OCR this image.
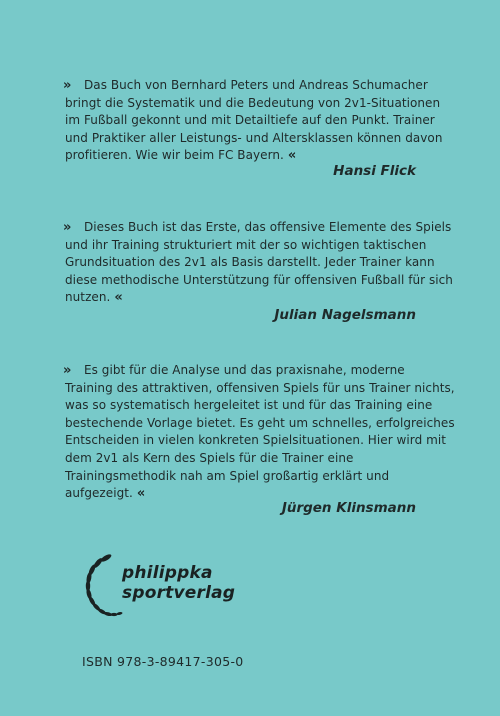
» Das Buch von Bernhard Peters und Andreas Schumacher bringt die Systematik und die Bedeutung von 2v1-Situationen im Fußball gekonnt und mit Detailtiefe auf den Punkt. Trainer und Praktiker aller Leistungs- und Altersklassen können davon profitieren. Wie wir beim FC Bayern. «

Hansi Flick

» Dieses Buch ist das Erste, das offensive Elemente des Spiels und ihr Training strukturiert mit der so wichtigen taktischen Grundsituation des 2v1 als Basis darstellt. Jeder Trainer kann diese methodische Unterstützung für offensiven Fußball für sich nutzen. «

Julian Nagelsmann

» Es gibt für die Analyse und das praxisnahe, moderne Training des attraktiven, offensiven Spiels für uns Trainer nichts, was so systematisch hergeleitet ist und für das Training eine bestechende Vorlage bietet. Es geht um schnelles, erfolgreiches Entscheiden in vielen konkreten Spielsituationen. Hier wird mit dem 2v1 als Kern des Spiels für die Trainer eine Trainingsmethodik nah am Spiel großartig erklärt und aufgezeigt. «

Jürgen Klinsmann
philippka
sportverlag
ISBN 978-3-89417-305-0
